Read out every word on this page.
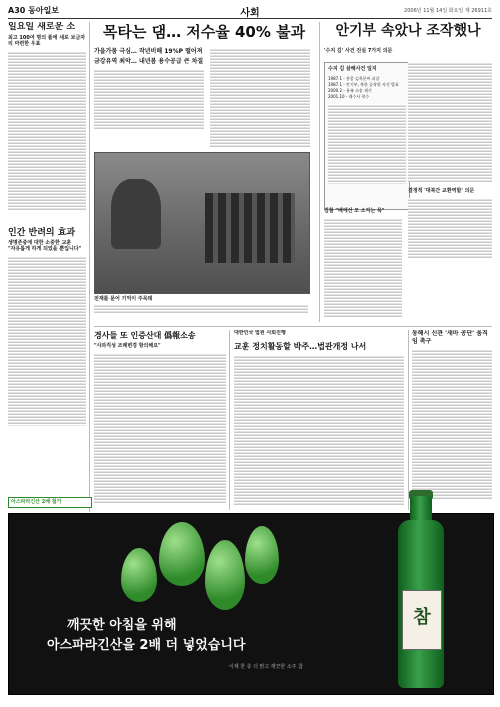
A30 동아일보	사회	2006년 11월 14일 화요일 제 26911호
일요일 새로운 소
최고 100여 명의 품에 새로 보금자리 마련한 우표
인간 반려의 효과
생명존중에 대한 소중한 교훈
"자유롭게 하게 되었을 뿐입니다"
목타는 댐… 저수율 40% 불과
가을가뭄 극심… 작년비해 19%P 떨어져
금강유역 최악… 내년봄 용수공급 큰 차질
전재를 묻어 기억이 주목돼
안기부 속았나 조작했나
'수지 김' 사건 진실 7가지 의문
수지 김 살해사건 일지
1987.1 - 홍콩 김옥분씨 피살
1987.1 - 안기부, 북한 공작원 사건 발표
2000.2 - 유족 소송 제기
2001.10 - 재수사 착수
결정적 '대북간 교환역할' 의문
검찰 "배에선 모 소지는 목"
경사들 또 인증산대 僞報소송
"사과직성 조례변경 항의해요"
대한민국 법원 사회진행
교훈 정치활동할 박주…법관개정 나서
동해시 신관 '새마 공단' 움직임 촉구
아스파라긴산 2배 첨가
깨끗한 아침을 위해
아스파라긴산을 2배 더 넣었습니다
이제 한 층 더 맑고 깨끗한 소주 참
참
